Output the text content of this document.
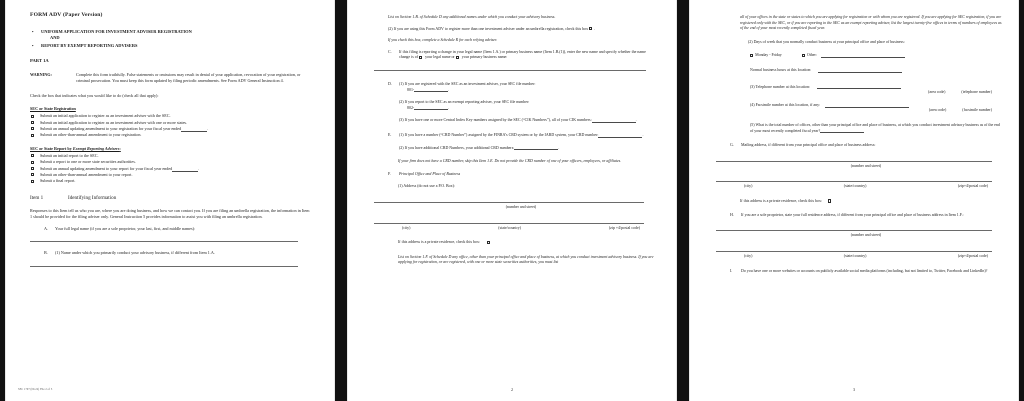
FORM ADV (Paper Version)
• UNIFORM APPLICATION FOR INVESTMENT ADVISER REGISTRATION
AND
• REPORT BY EXEMPT REPORTING ADVISERS
PART 1A
WARNING:	Complete this form truthfully. False statements or omissions may result in denial of your application, revocation of your registration, or criminal prosecution. You must keep this form updated by filing periodic amendments. See Form ADV General Instruction 4.
Check the box that indicates what you would like to do (check all that apply):
SEC or State Registration
Submit an initial application to register as an investment adviser with the SEC.
Submit an initial application to register as an investment adviser with one or more states.
Submit an annual updating amendment to your registration for your fiscal year ended	.
Submit an other-than-annual amendment to your registration.
SEC or State Report by Exempt Reporting Advisers:
Submit an initial report to the SEC.
Submit a report to one or more state securities authorities.
Submit an annual updating amendment to your report for your fiscal year ended	.
Submit an other-than-annual amendment to your report.
Submit a final report.
Item 1	Identifying Information
Responses to this Item tell us who you are, where you are doing business, and how we can contact you. If you are filing an umbrella registration, the information in Item 1 should be provided for the filing adviser only. General Instruction 5 provides information to assist you with filing an umbrella registration.
A.	Your full legal name (if you are a sole proprietor, your last, first, and middle names):
B.	(1) Name under which you primarily conduct your advisory business, if different from Item 1.A.
SEC 1707 (09-22) File 2 of 3
List on Section 1.B. of Schedule D any additional names under which you conduct your advisory business.
(2) If you are using this Form ADV to register more than one investment adviser under an umbrella registration, check this box .
If you check this box, complete a Schedule R for each relying adviser.
C.	If this filing is reporting a change in your legal name (Item 1.A.) or primary business name (Item 1.B.(1)), enter the new name and specify whether the name change is of your legal name or your primary business name:
D.	(1) If you are registered with the SEC as an investment adviser, your SEC file number:
801-	.
(2) If you report to the SEC as an exempt reporting adviser, your SEC file number:
802-	.
(3) If you have one or more Central Index Key numbers assigned by the SEC (“CIK Numbers”), all of your CIK numbers:	.
E.	(1) If you have a number (“CRD Number”) assigned by the FINRA’s CRD system or by the IARD system, your CRD number:	.
(2) If you have additional CRD Numbers, your additional CRD numbers:	.
If your firm does not have a CRD number, skip this Item 1.E. Do not provide the CRD number of one of your officers, employees, or affiliates.
F.	Principal Office and Place of Business
(1) Address (do not use a P.O. Box):
(number and street)
(city)	(state/country)	(zip +4/postal code)
If this address is a private residence, check this box:
List on Section 1.F. of Schedule D any office, other than your principal office and place of business, at which you conduct investment advisory business. If you are applying for registration, or are registered, with one or more state securities authorities, you must list
2
all of your offices in the state or states to which you are applying for registration or with whom you are registered. If you are applying for SEC registration, if you are registered only with the SEC, or if you are reporting to the SEC as an exempt reporting adviser, list the largest twenty-five offices in terms of numbers of employees as of the end of your most recently completed fiscal year.
(2) Days of week that you normally conduct business at your principal office and place of business:
Monday - Friday	Other:
Normal business hours at this location:
(3) Telephone number at this location:
(area code)	(telephone number)
(4) Facsimile number at this location, if any:
(area code)	(facsimile number)
(5) What is the total number of offices, other than your principal office and place of business, at which you conduct investment advisory business as of the end of your most recently completed fiscal year?
G.	Mailing address, if different from your principal office and place of business address:
(number and street)
(city)	(state/country)	(zip+4/postal code)
If this address is a private residence, check this box:
H.	If you are a sole proprietor, state your full residence address, if different from your principal office and place of business address in Item 1.F.:
(number and street)
(city)	(state/country)	(zip+4/postal code)
I.	Do you have one or more websites or accounts on publicly available social media platforms (including, but not limited to, Twitter, Facebook and LinkedIn)?
3
